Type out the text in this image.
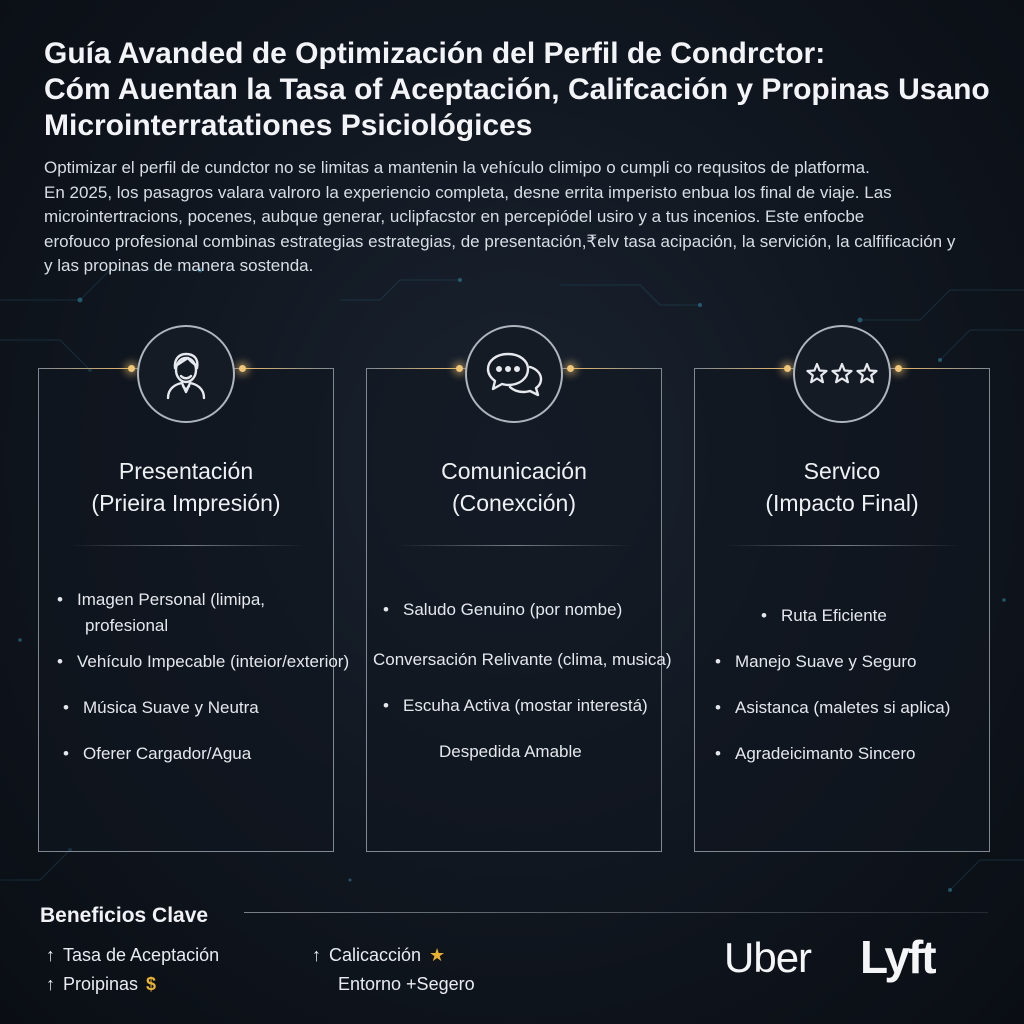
Guía Avanded de Optimización del Perfil de Condrctor:
Cóm Auentan la Tasa of Aceptación, Califcación y Propinas Usano
Microinterratationes Psiciológices
Optimizar el perfil de cundctor no se limitas a mantenin la vehículo climipo o cumpli co requsitos de platforma.
En 2025, los pasagros valara valroro la experiencio completa, desne errita imperisto enbua los final de viaje. Las
microintertracions, pocenes, aubque generar, uclipfacstor en percepiódel usiro y a tus incenios. Este enfocbe
erofouco profesional combinas estrategias estrategias, de presentación,₹elv tasa acipación, la servición, la calfificación y
y las propinas de manera sostenda.
Presentación
(Prieira Impresión)
• Imagen Personal (limipa,
profesional
• Vehículo Impecable (inteior/exterior)
• Música Suave y Neutra
• Oferer Cargador/Agua
Comunicación
(Conexción)
• Saludo Genuino (por nombe)
Conversación Relivante (clima, musica)
• Escuha Activa (mostar interestá)
Despedida Amable
Servico
(Impacto Final)
• Ruta Eficiente
• Manejo Suave y Seguro
• Asistanca (maletes si aplica)
• Agradeicimanto Sincero
Beneficios Clave
↑ Tasa de Aceptación	↑ Calicacción ★
↑ Proipinas $	Entorno +Segero
Uber Lyft
